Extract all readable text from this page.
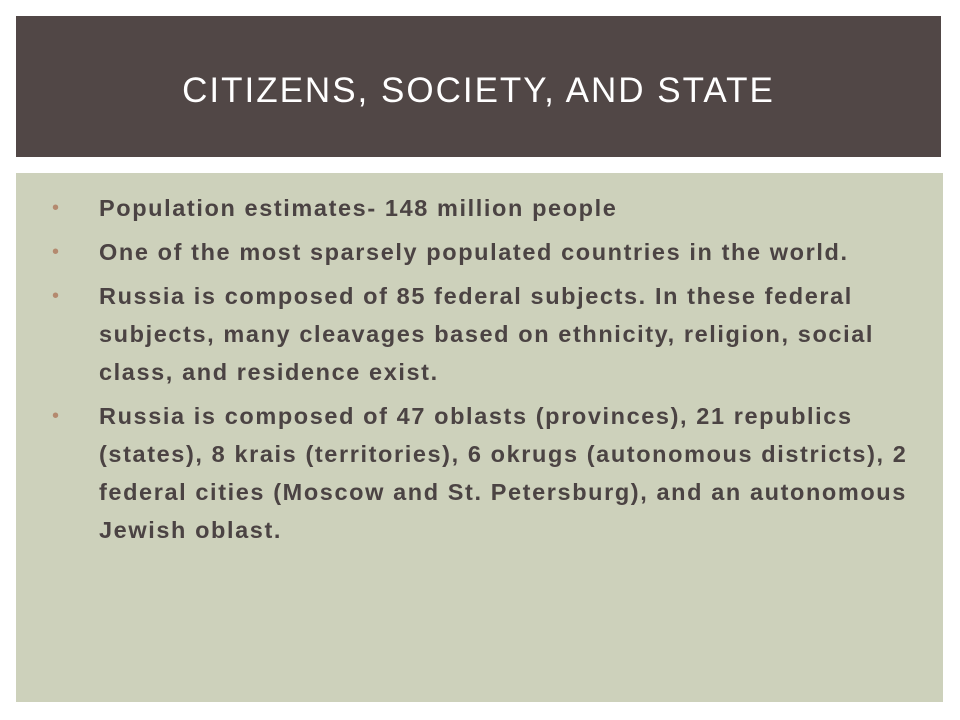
CITIZENS, SOCIETY, AND STATE
• Population estimates- 148 million people
• One of the most sparsely populated countries in the world.
• Russia is composed of 85 federal subjects. In these federal subjects, many cleavages based on ethnicity, religion, social class, and residence exist.
• Russia is composed of 47 oblasts (provinces), 21 republics (states), 8 krais (territories), 6 okrugs (autonomous districts), 2 federal cities (Moscow and St. Petersburg), and an autonomous Jewish oblast.
